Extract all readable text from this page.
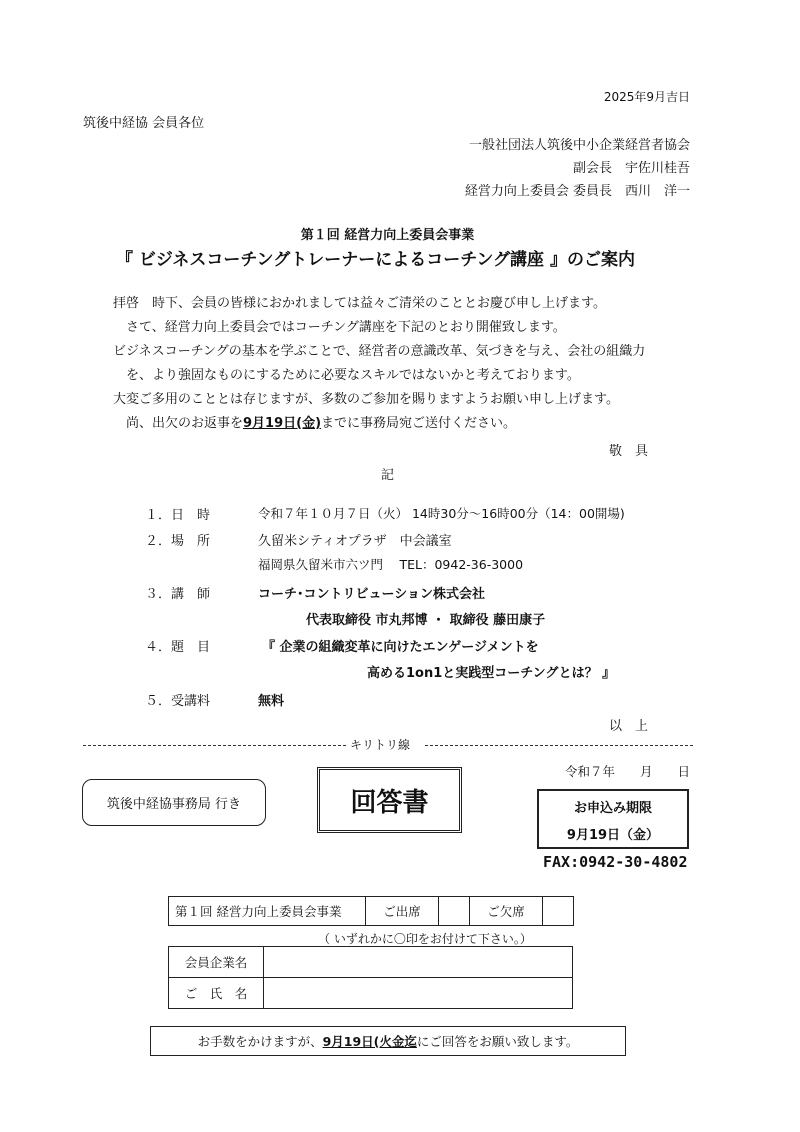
2025年9月吉日
筑後中経協 会員各位
一般社団法人筑後中小企業経営者協会
副会長　宇佐川桂吾
経営力向上委員会 委員長　西川　洋一
第１回 経営力向上委員会事業
『 ビジネスコーチングトレーナーによるコーチング講座 』のご案内
拝啓　時下、会員の皆様におかれましては益々ご清栄のこととお慶び申し上げます。
さて、経営力向上委員会ではコーチング講座を下記のとおり開催致します。
ビジネスコーチングの基本を学ぶことで、経営者の意識改革、気づきを与え、会社の組織力
を、より強固なものにするために必要なスキルではないかと考えております。
大変ご多用のこととは存じますが、多数のご参加を賜りますようお願い申し上げます。
尚、出欠のお返事を9月19日(金)までに事務局宛ご送付ください。
敬　具
記
１．日　時	令和７年１０月７日（火） 14時30分～16時00分（14：00開場)
２．場　所	久留米シティオプラザ　中会議室
福岡県久留米市六ツ門　 TEL：0942-36-3000
３．講　師	コーチ･コントリビューション株式会社
代表取締役 市丸邦博 ・ 取締役 藤田康子
４．題　目	『 企業の組織変革に向けたエンゲージメントを
高める1on1と実践型コーチングとは？ 』
５．受講料	無料
以　上
キリトリ線
令和７年　　月　　日
筑後中経協事務局 行き	回答書	お申込み期限
9月19日（金）
FAX:0942-30-4802
第１回 経営力向上委員会事業	ご出席		ご欠席	
（ いずれかに〇印をお付けて下さい。）
会員企業名	
ご　氏　名	
お手数をかけますが、 9月19日(火金迄 にご回答をお願い致します。
